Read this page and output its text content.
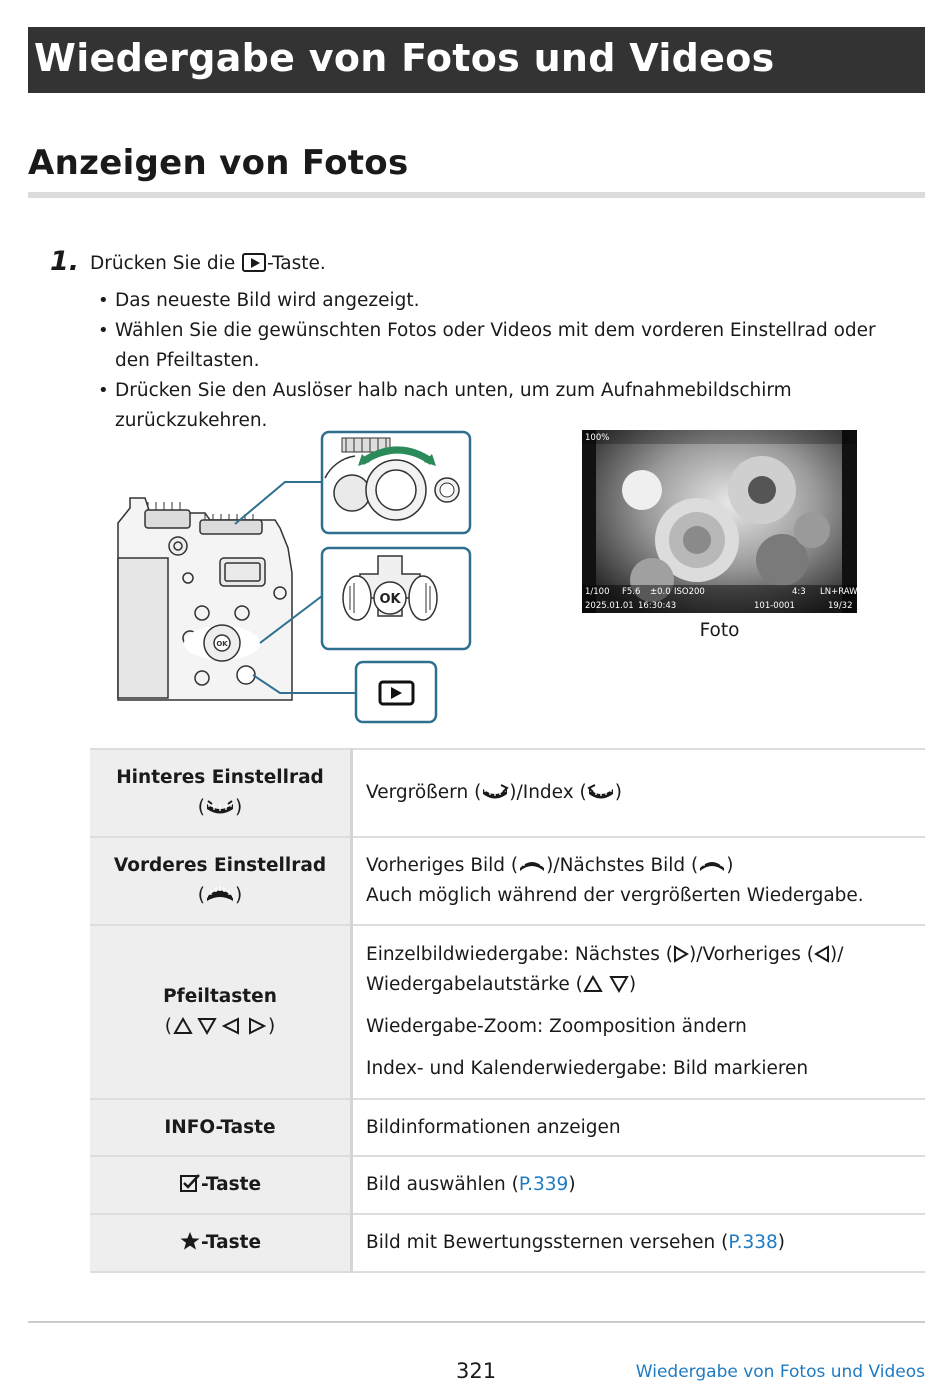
Wiedergabe von Fotos und Videos
Anzeigen von Fotos
1. Drücken Sie die -Taste.
• Das neueste Bild wird angezeigt.
• Wählen Sie die gewünschten Fotos oder Videos mit dem vorderen Einstellrad oder den Pfeiltasten.
• Drücken Sie den Auslöser halb nach unten, um zum Aufnahmebildschirm zurückzukehren.
OK
OK
100%
1/100 F5.6 ±0.0 ISO200	4:3 LN+RAW
2025.01.01 16:30:43	101-0001	19/32
Foto
Hinteres Einstellrad
( )	Vergrößern ( )/Index ( )

Vorderes Einstellrad
( )	Vorheriges Bild ( )/Nächstes Bild ( )
Auch möglich während der vergrößerten Wiedergabe.

Pfeiltasten
( )	Einzelbildwiedergabe: Nächstes ( )/Vorheriges ( )/
Wiedergabelautstärke ( )
Wiedergabe-Zoom: Zoomposition ändern
Index- und Kalenderwiedergabe: Bild markieren

INFO-Taste	Bildinformationen anzeigen
-Taste	Bild auswählen (P.339)
-Taste	Bild mit Bewertungssternen versehen (P.338)
321	Wiedergabe von Fotos und Videos
